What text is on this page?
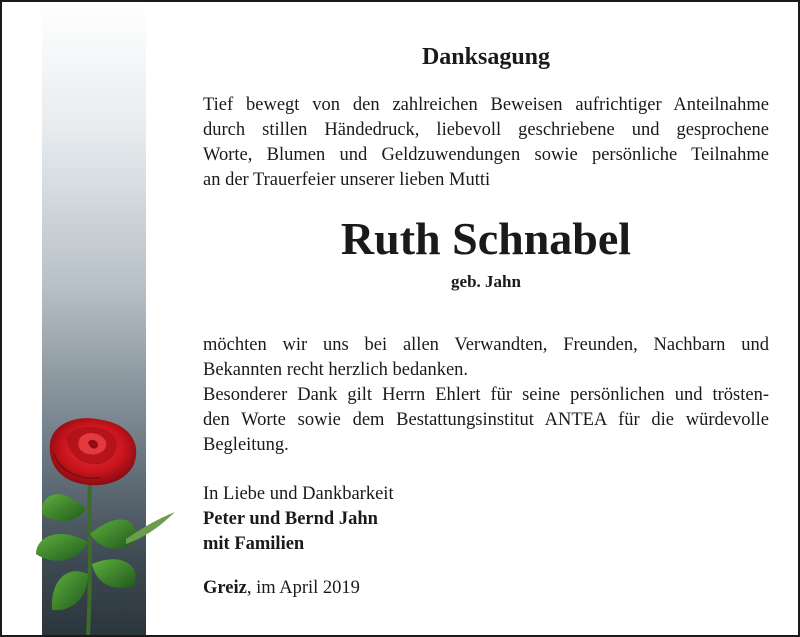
Danksagung

Tief bewegt von den zahlreichen Beweisen aufrichtiger Anteilnahme
durch stillen Händedruck, liebevoll geschriebene und gesprochene
Worte, Blumen und Geldzuwendungen sowie persönliche Teilnahme
an der Trauerfeier unserer lieben Mutti

Ruth Schnabel
geb. Jahn

möchten wir uns bei allen Verwandten, Freunden, Nachbarn und
Bekannten recht herzlich bedanken.

Besonderer Dank gilt Herrn Ehlert für seine persönlichen und trösten-
den Worte sowie dem Bestattungsinstitut ANTEA für die würdevolle
Begleitung.

In Liebe und Dankbarkeit
Peter und Bernd Jahn
mit Familien
Greiz, im April 2019
